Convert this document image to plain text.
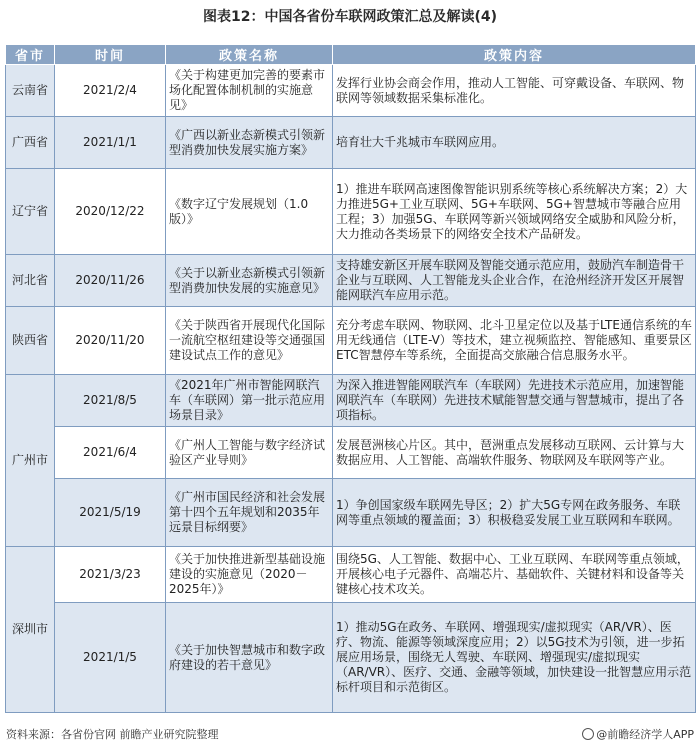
图表12：中国各省份车联网政策汇总及解读(4)
省市	时间	政策名称	政策内容
云南省	2021/2/4	《关于构建更加完善的要素市场化配置体制机制的实施意见》	发挥行业协会商会作用，推动人工智能、可穿戴设备、车联网、物联网等领域数据采集标准化。
广西省	2021/1/1	《广西以新业态新模式引领新型消费加快发展实施方案》	培育壮大千兆城市车联网应用。
辽宁省	2020/12/22	《数字辽宁发展规划（1.0版）》	1）推进车联网高速图像智能识别系统等核心系统解决方案；2）大力推进5G+工业互联网、5G+车联网、5G+智慧城市等融合应用工程；3）加强5G、车联网等新兴领域网络安全威胁和风险分析，大力推动各类场景下的网络安全技术产品研发。
河北省	2020/11/26	《关于以新业态新模式引领新型消费加快发展的实施意见》	支持雄安新区开展车联网及智能交通示范应用，鼓励汽车制造骨干企业与互联网、人工智能龙头企业合作，在沧州经济开发区开展智能网联汽车应用示范。
陕西省	2020/11/20	《关于陕西省开展现代化国际一流航空枢纽建设等交通强国建设试点工作的意见》	充分考虑车联网、物联网、北斗卫星定位以及基于LTE通信系统的车用无线通信（LTE-V）等技术，建立视频监控、智能感知、重要景区ETC智慧停车等系统，全面提高交旅融合信息服务水平。
广州市	2021/8/5	《2021年广州市智能网联汽车（车联网）第一批示范应用场景目录》	为深入推进智能网联汽车（车联网）先进技术示范应用，加速智能网联汽车（车联网）先进技术赋能智慧交通与智慧城市，提出了各项指标。
	2021/6/4	《广州人工智能与数字经济试验区产业导则》	发展琶洲核心片区。其中，琶洲重点发展移动互联网、云计算与大数据应用、人工智能、高端软件服务、物联网及车联网等产业。
	2021/5/19	《广州市国民经济和社会发展第十四个五年规划和2035年远景目标纲要》	1）争创国家级车联网先导区；2）扩大5G专网在政务服务、车联网等重点领域的覆盖面；3）积极稳妥发展工业互联网和车联网。
深圳市	2021/3/23	《关于加快推进新型基础设施建设的实施意见（2020－2025年）》	围绕5G、人工智能、数据中心、工业互联网、车联网等重点领域，开展核心电子元器件、高端芯片、基础软件、关键材料和设备等关键核心技术攻关。
	2021/1/5	《关于加快智慧城市和数字政府建设的若干意见》	1）推动5G在政务、车联网、增强现实/虚拟现实（AR/VR）、医疗、物流、能源等领域深度应用；2）以5G技术为引领，进一步拓展应用场景，围绕无人驾驶、车联网、增强现实/虚拟现实（AR/VR）、医疗、交通、金融等领域，加快建设一批智慧应用示范标杆项目和示范街区。
资料来源：各省份官网 前瞻产业研究院整理	@前瞻经济学人APP
